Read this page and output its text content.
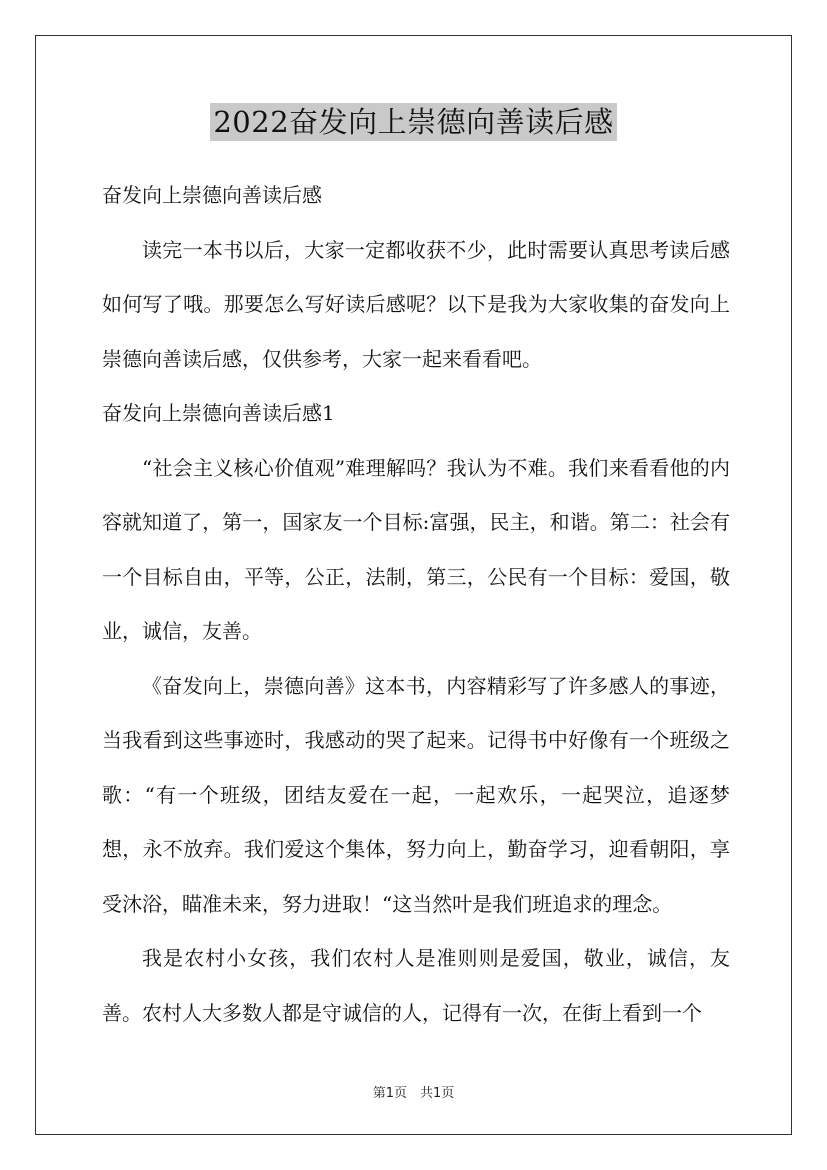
2022奋发向上崇德向善读后感

奋发向上崇德向善读后感

读完一本书以后，大家一定都收获不少，此时需要认真思考读后感如何写了哦。那要怎么写好读后感呢？以下是我为大家收集的奋发向上崇德向善读后感，仅供参考，大家一起来看看吧。

奋发向上崇德向善读后感1

“社会主义核心价值观”难理解吗？我认为不难。我们来看看他的内容就知道了，第一，国家友一个目标:富强，民主，和谐。第二：社会有一个目标自由，平等，公正，法制，第三，公民有一个目标：爱国，敬业，诚信，友善。

《奋发向上，崇德向善》这本书，内容精彩写了许多感人的事迹，当我看到这些事迹时，我感动的哭了起来。记得书中好像有一个班级之歌：“有一个班级，团结友爱在一起，一起欢乐，一起哭泣，追逐梦想，永不放弃。我们爱这个集体，努力向上，勤奋学习，迎看朝阳，享受沐浴，瞄准未来，努力进取！“这当然叶是我们班追求的理念。

我是农村小女孩，我们农村人是准则则是爱国，敬业，诚信，友善。农村人大多数人都是守诚信的人，记得有一次，在街上看到一个

第1页　共1页
